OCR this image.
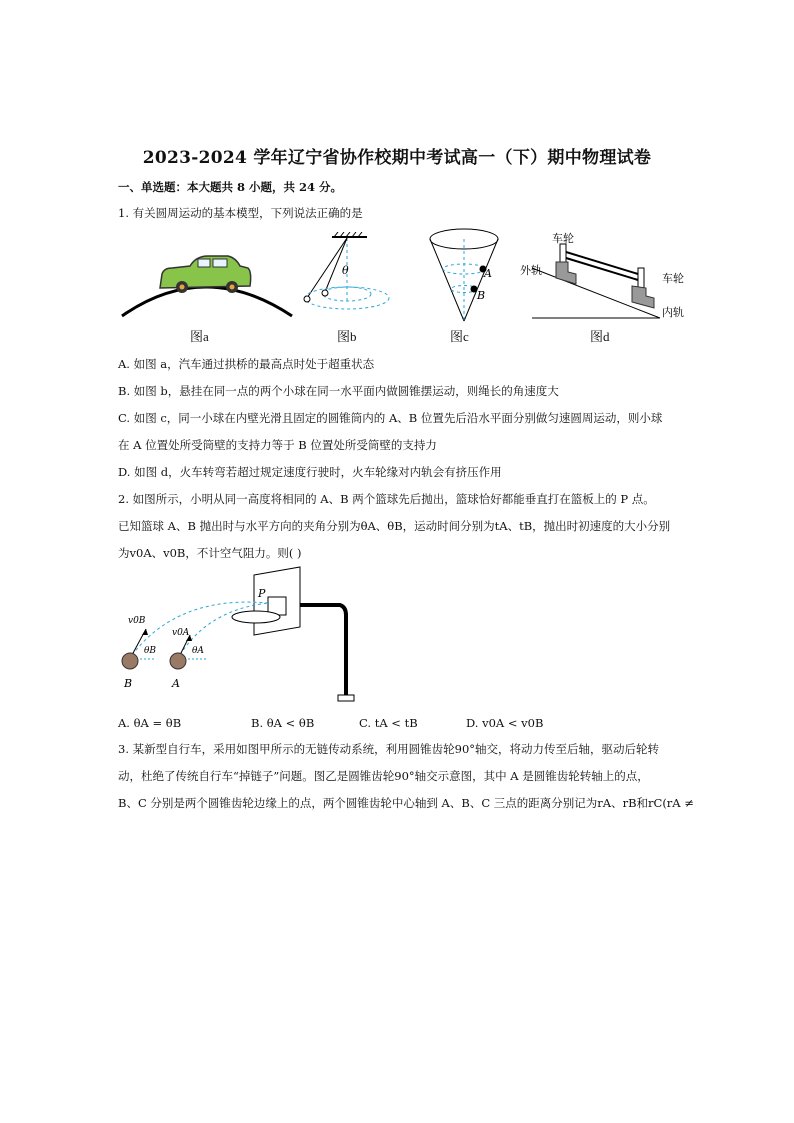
2023-2024 学年辽宁省协作校期中考试高一（下）期中物理试卷
一、单选题：本大题共 8 小题，共 24 分。
1. 有关圆周运动的基本模型，下列说法正确的是
图a
θ
图b
A
B
图c
车轮
外轨
车轮
内轨
图d
A. 如图 a，汽车通过拱桥的最高点时处于超重状态
B. 如图 b，悬挂在同一点的两个小球在同一水平面内做圆锥摆运动，则绳长的角速度大
C. 如图 c，同一小球在内壁光滑且固定的圆锥筒内的 A、B 位置先后沿水平面分别做匀速圆周运动，则小球
在 A 位置处所受筒壁的支持力等于 B 位置处所受筒壁的支持力
D. 如图 d，火车转弯若超过规定速度行驶时，火车轮缘对内轨会有挤压作用
2. 如图所示，小明从同一高度将相同的 A、B 两个篮球先后抛出，篮球恰好都能垂直打在篮板上的 P 点。
已知篮球 A、B 抛出时与水平方向的夹角分别为θA、θB，运动时间分别为tA、tB，抛出时初速度的大小分别
为v0A、v0B，不计空气阻力。则( )
P
v0B
v0A
θB	θA
B	A
A. θA = θB	B. θA < θB	C. tA < tB	D. v0A < v0B
3. 某新型自行车，采用如图甲所示的无链传动系统，利用圆锥齿轮90°轴交，将动力传至后轴，驱动后轮转
动，杜绝了传统自行车“掉链子”问题。图乙是圆锥齿轮90°轴交示意图，其中 A 是圆锥齿轮转轴上的点，
B、C 分别是两个圆锥齿轮边缘上的点，两个圆锥齿轮中心轴到 A、B、C 三点的距离分别记为rA、rB和rC(rA ≠
